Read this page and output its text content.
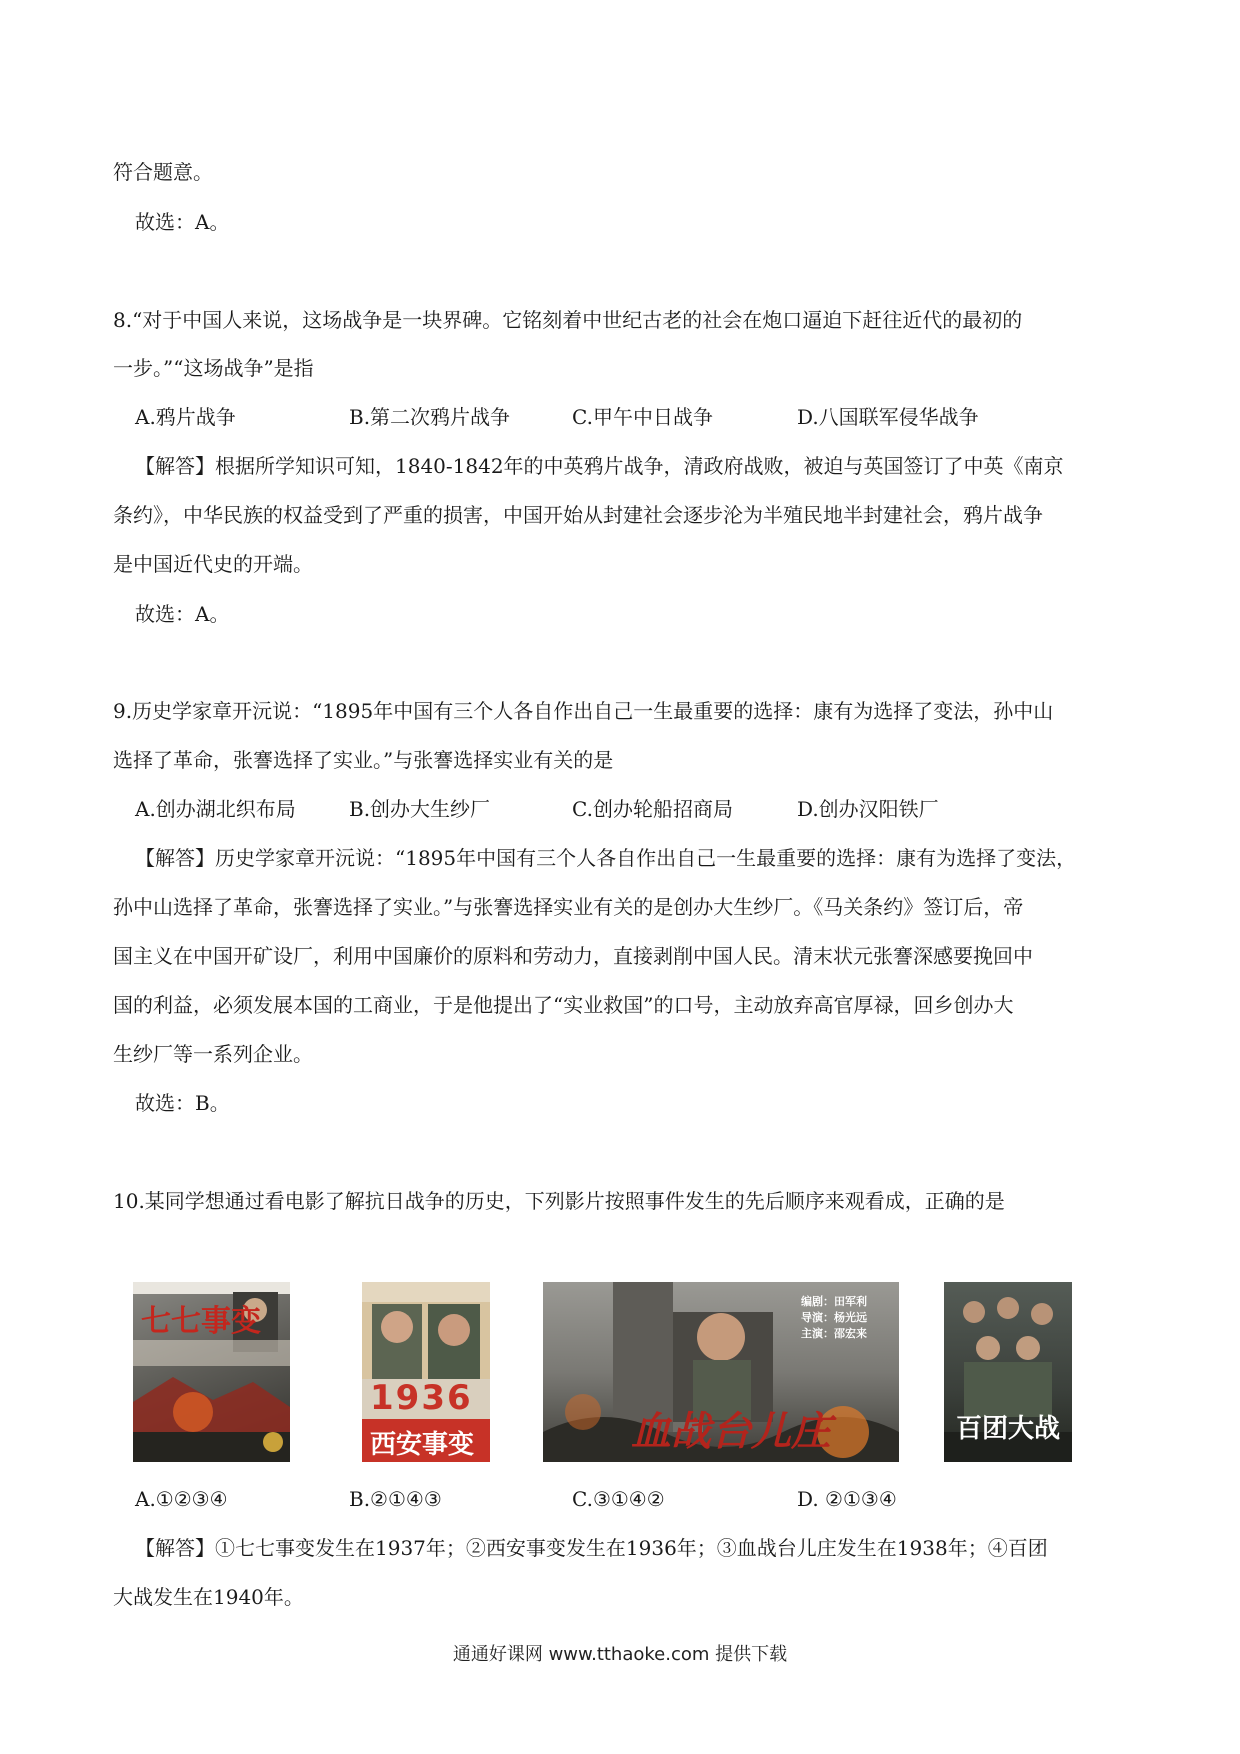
符合题意。
故选：A。
8.“对于中国人来说，这场战争是一块界碑。它铭刻着中世纪古老的社会在炮口逼迫下赶往近代的最初的
一步。”“这场战争”是指
A.鸦片战争	B.第二次鸦片战争	C.甲午中日战争	D.八国联军侵华战争
【解答】根据所学知识可知，1840-1842年的中英鸦片战争，清政府战败，被迫与英国签订了中英《南京
条约》，中华民族的权益受到了严重的损害，中国开始从封建社会逐步沦为半殖民地半封建社会，鸦片战争
是中国近代史的开端。
故选：A。
9.历史学家章开沅说：“1895年中国有三个人各自作出自己一生最重要的选择：康有为选择了变法，孙中山
选择了革命，张謇选择了实业。”与张謇选择实业有关的是
A.创办湖北织布局	B.创办大生纱厂	C.创办轮船招商局	D.创办汉阳铁厂
【解答】历史学家章开沅说：“1895年中国有三个人各自作出自己一生最重要的选择：康有为选择了变法，
孙中山选择了革命，张謇选择了实业。”与张謇选择实业有关的是创办大生纱厂。《马关条约》签订后，帝
国主义在中国开矿设厂，利用中国廉价的原料和劳动力，直接剥削中国人民。清末状元张謇深感要挽回中
国的利益，必须发展本国的工商业，于是他提出了“实业救国”的口号，主动放弃高官厚禄，回乡创办大
生纱厂等一系列企业。
故选：B。
10.某同学想通过看电影了解抗日战争的历史，下列影片按照事件发生的先后顺序来观看成，正确的是
七七事变
1936
西安事变
编剧：田军利
导演：杨光远
主演：邵宏来
血战台儿庄	百团大战
A.①②③④	B.②①④③	C.③①④②	D. ②①③④
【解答】①七七事变发生在1937年；②西安事变发生在1936年；③血战台儿庄发生在1938年；④百团
大战发生在1940年。
通通好课网 www.tthaoke.com 提供下载
